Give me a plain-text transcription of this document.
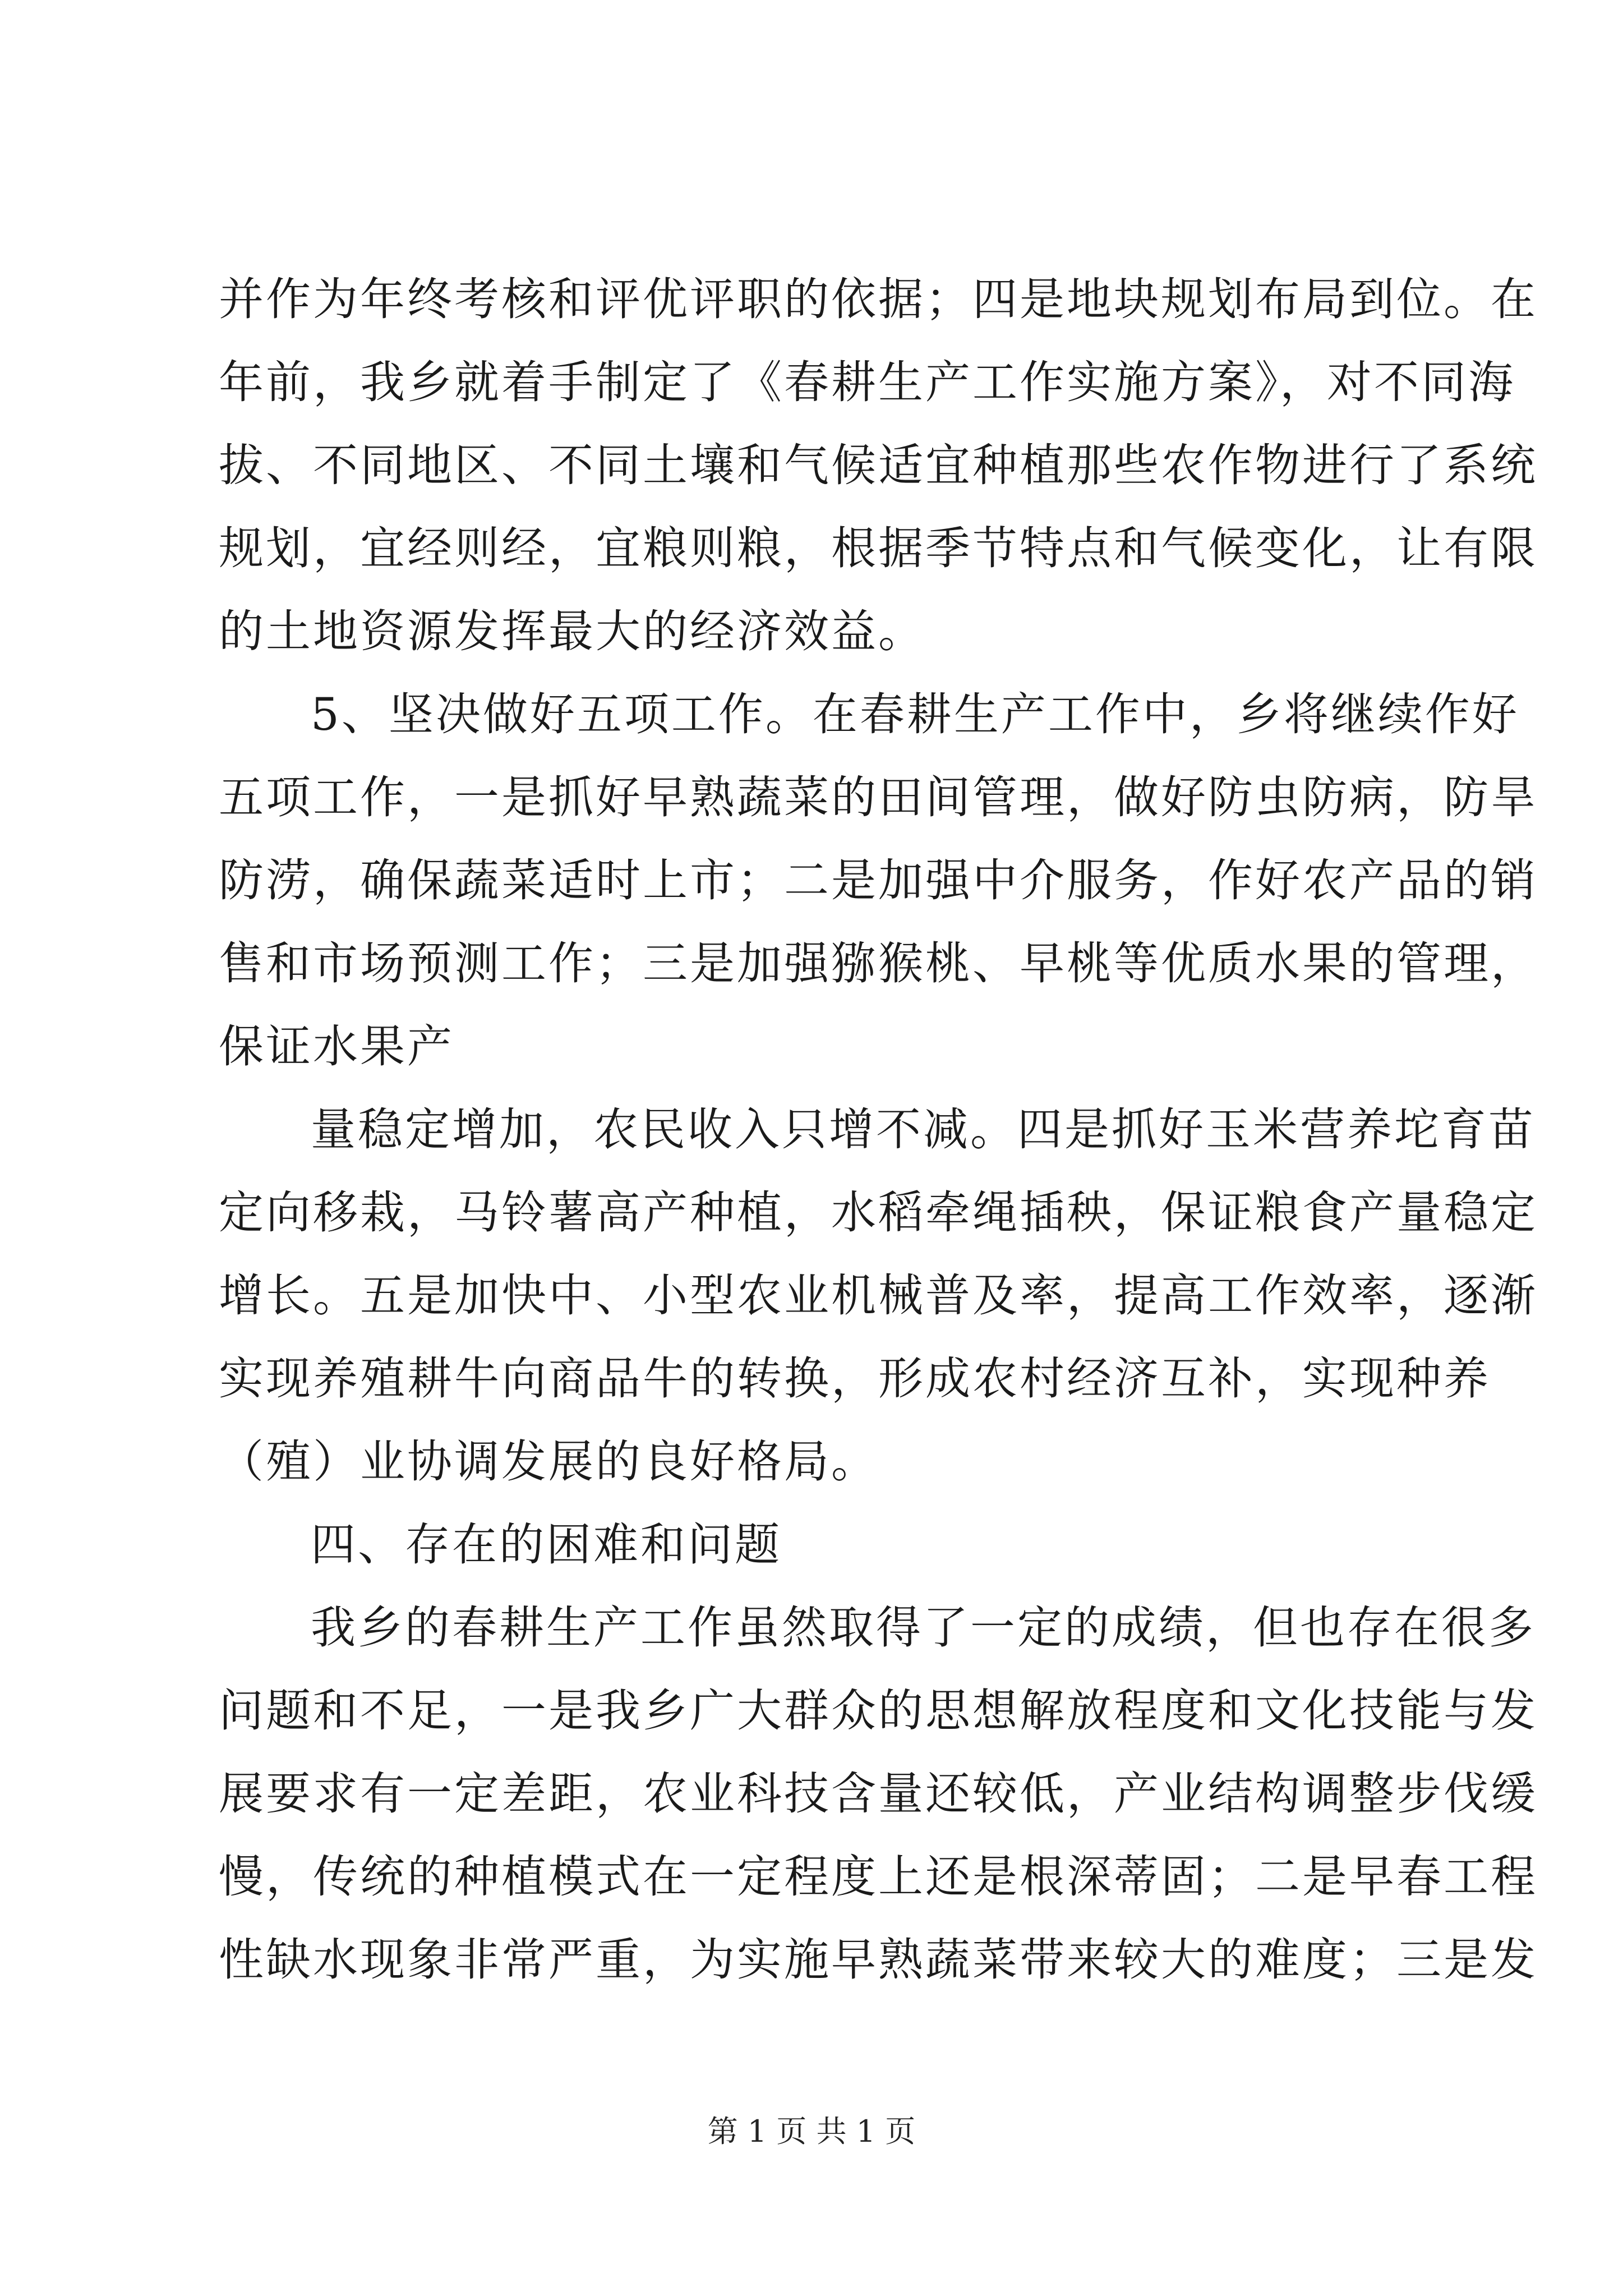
并作为年终考核和评优评职的依据；四是地块规划布局到位。在
年前，我乡就着手制定了《春耕生产工作实施方案》，对不同海
拔、不同地区、不同土壤和气候适宜种植那些农作物进行了系统
规划，宜经则经，宜粮则粮，根据季节特点和气候变化，让有限
的土地资源发挥最大的经济效益。
5、坚决做好五项工作。在春耕生产工作中，乡将继续作好
五项工作，一是抓好早熟蔬菜的田间管理，做好防虫防病，防旱
防涝，确保蔬菜适时上市；二是加强中介服务，作好农产品的销
售和市场预测工作；三是加强猕猴桃、早桃等优质水果的管理，
保证水果产
量稳定增加，农民收入只增不减。四是抓好玉米营养坨育苗
定向移栽，马铃薯高产种植，水稻牵绳插秧，保证粮食产量稳定
增长。五是加快中、小型农业机械普及率，提高工作效率，逐渐
实现养殖耕牛向商品牛的转换，形成农村经济互补，实现种养
（殖）业协调发展的良好格局。
四、存在的困难和问题
我乡的春耕生产工作虽然取得了一定的成绩，但也存在很多
问题和不足，一是我乡广大群众的思想解放程度和文化技能与发
展要求有一定差距，农业科技含量还较低，产业结构调整步伐缓
慢，传统的种植模式在一定程度上还是根深蒂固；二是早春工程
性缺水现象非常严重，为实施早熟蔬菜带来较大的难度；三是发
第 1 页 共 1 页
